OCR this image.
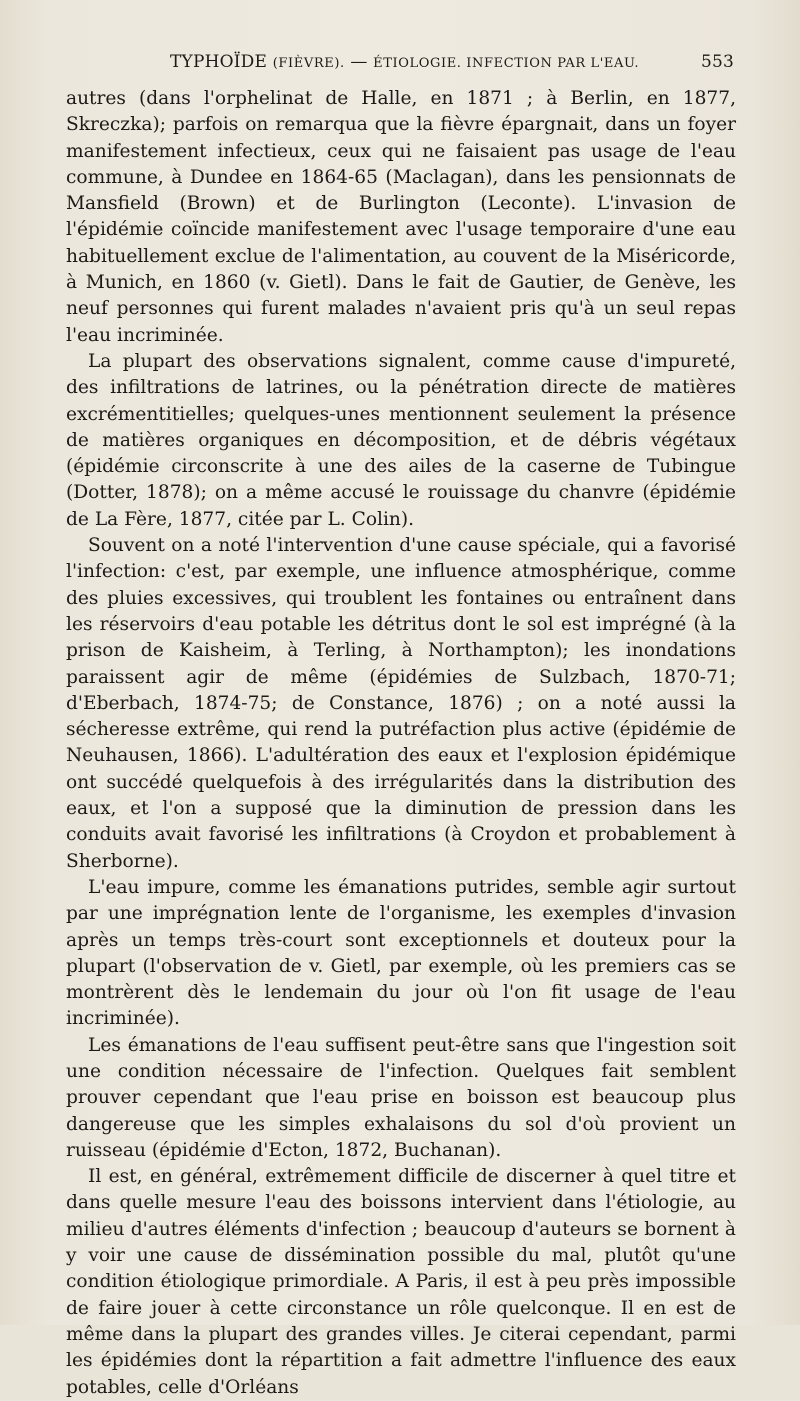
TYPHOÏDE (FIÈVRE). — ÉTIOLOGIE. INFECTION PAR L'EAU.	553

autres (dans l'orphelinat de Halle, en 1871 ; à Berlin, en 1877, Skreczka); parfois on remarqua que la fièvre épargnait, dans un foyer manifestement infectieux, ceux qui ne faisaient pas usage de l'eau commune, à Dundee en 1864-65 (Maclagan), dans les pensionnats de Mansfield (Brown) et de Burlington (Leconte). L'invasion de l'épidémie coïncide manifestement avec l'usage temporaire d'une eau habituellement exclue de l'alimentation, au couvent de la Miséricorde, à Munich, en 1860 (v. Gietl). Dans le fait de Gautier, de Genève, les neuf personnes qui furent malades n'avaient pris qu'à un seul repas l'eau incriminée.

La plupart des observations signalent, comme cause d'impureté, des infiltrations de latrines, ou la pénétration directe de matières excrémentitielles; quelques-unes mentionnent seulement la présence de matières organiques en décomposition, et de débris végétaux (épidémie circonscrite à une des ailes de la caserne de Tubingue (Dotter, 1878); on a même accusé le rouissage du chanvre (épidémie de La Fère, 1877, citée par L. Colin).

Souvent on a noté l'intervention d'une cause spéciale, qui a favorisé l'infection: c'est, par exemple, une influence atmosphérique, comme des pluies excessives, qui troublent les fontaines ou entraînent dans les réservoirs d'eau potable les détritus dont le sol est imprégné (à la prison de Kaisheim, à Terling, à Northampton); les inondations paraissent agir de même (épidémies de Sulzbach, 1870-71; d'Eberbach, 1874-75; de Constance, 1876) ; on a noté aussi la sécheresse extrême, qui rend la putréfaction plus active (épidémie de Neuhausen, 1866). L'adultération des eaux et l'explosion épidémique ont succédé quelquefois à des irrégularités dans la distribution des eaux, et l'on a supposé que la diminution de pression dans les conduits avait favorisé les infiltrations (à Croydon et probablement à Sherborne).

L'eau impure, comme les émanations putrides, semble agir surtout par une imprégnation lente de l'organisme, les exemples d'invasion après un temps très-court sont exceptionnels et douteux pour la plupart (l'observation de v. Gietl, par exemple, où les premiers cas se montrèrent dès le lendemain du jour où l'on fit usage de l'eau incriminée).

Les émanations de l'eau suffisent peut-être sans que l'ingestion soit une condition nécessaire de l'infection. Quelques fait semblent prouver cependant que l'eau prise en boisson est beaucoup plus dangereuse que les simples exhalaisons du sol d'où provient un ruisseau (épidémie d'Ecton, 1872, Buchanan).

Il est, en général, extrêmement difficile de discerner à quel titre et dans quelle mesure l'eau des boissons intervient dans l'étiologie, au milieu d'autres éléments d'infection ; beaucoup d'auteurs se bornent à y voir une cause de dissémination possible du mal, plutôt qu'une condition étiologique primordiale. A Paris, il est à peu près impossible de faire jouer à cette circonstance un rôle quelconque. Il en est de même dans la plupart des grandes villes. Je citerai cependant, parmi les épidémies dont la répartition a fait admettre l'influence des eaux potables, celle d'Orléans
